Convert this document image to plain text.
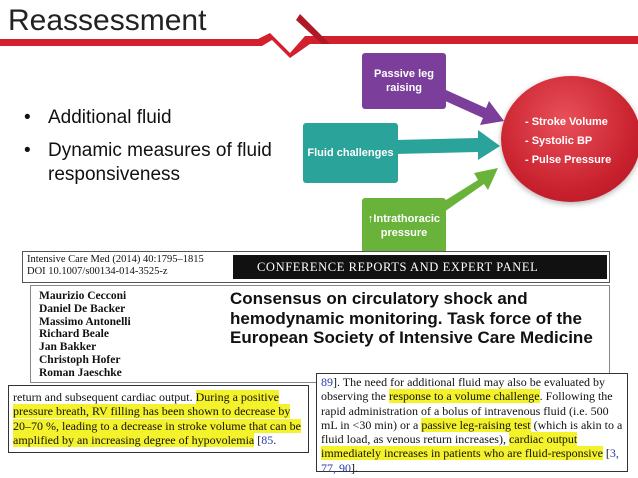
Reassessment
• Additional fluid
• Dynamic measures of fluid responsiveness
Passive leg raising
Fluid challenges
↑Intrathoracic pressure
- Stroke Volume
- Systolic BP
- Pulse Pressure
Intensive Care Med (2014) 40:1795–1815
DOI 10.1007/s00134-014-3525-z	CONFERENCE REPORTS AND EXPERT PANEL
Maurizio Cecconi
Daniel De Backer
Massimo Antonelli
Richard Beale
Jan Bakker
Christoph Hofer
Roman Jaeschke
Consensus on circulatory shock and hemodynamic monitoring. Task force of the European Society of Intensive Care Medicine
return and subsequent cardiac output. During a positive pressure breath, RV filling has been shown to decrease by 20–70 %, leading to a decrease in stroke volume that can be amplified by an increasing degree of hypovolemia [85.
89]. The need for additional fluid may also be evaluated by observing the response to a volume challenge. Following the rapid administration of a bolus of intravenous fluid (i.e. 500 mL in <30 min) or a passive leg-raising test (which is akin to a fluid load, as venous return increases), cardiac output immediately increases in patients who are fluid-responsive [3, 77, 90].
